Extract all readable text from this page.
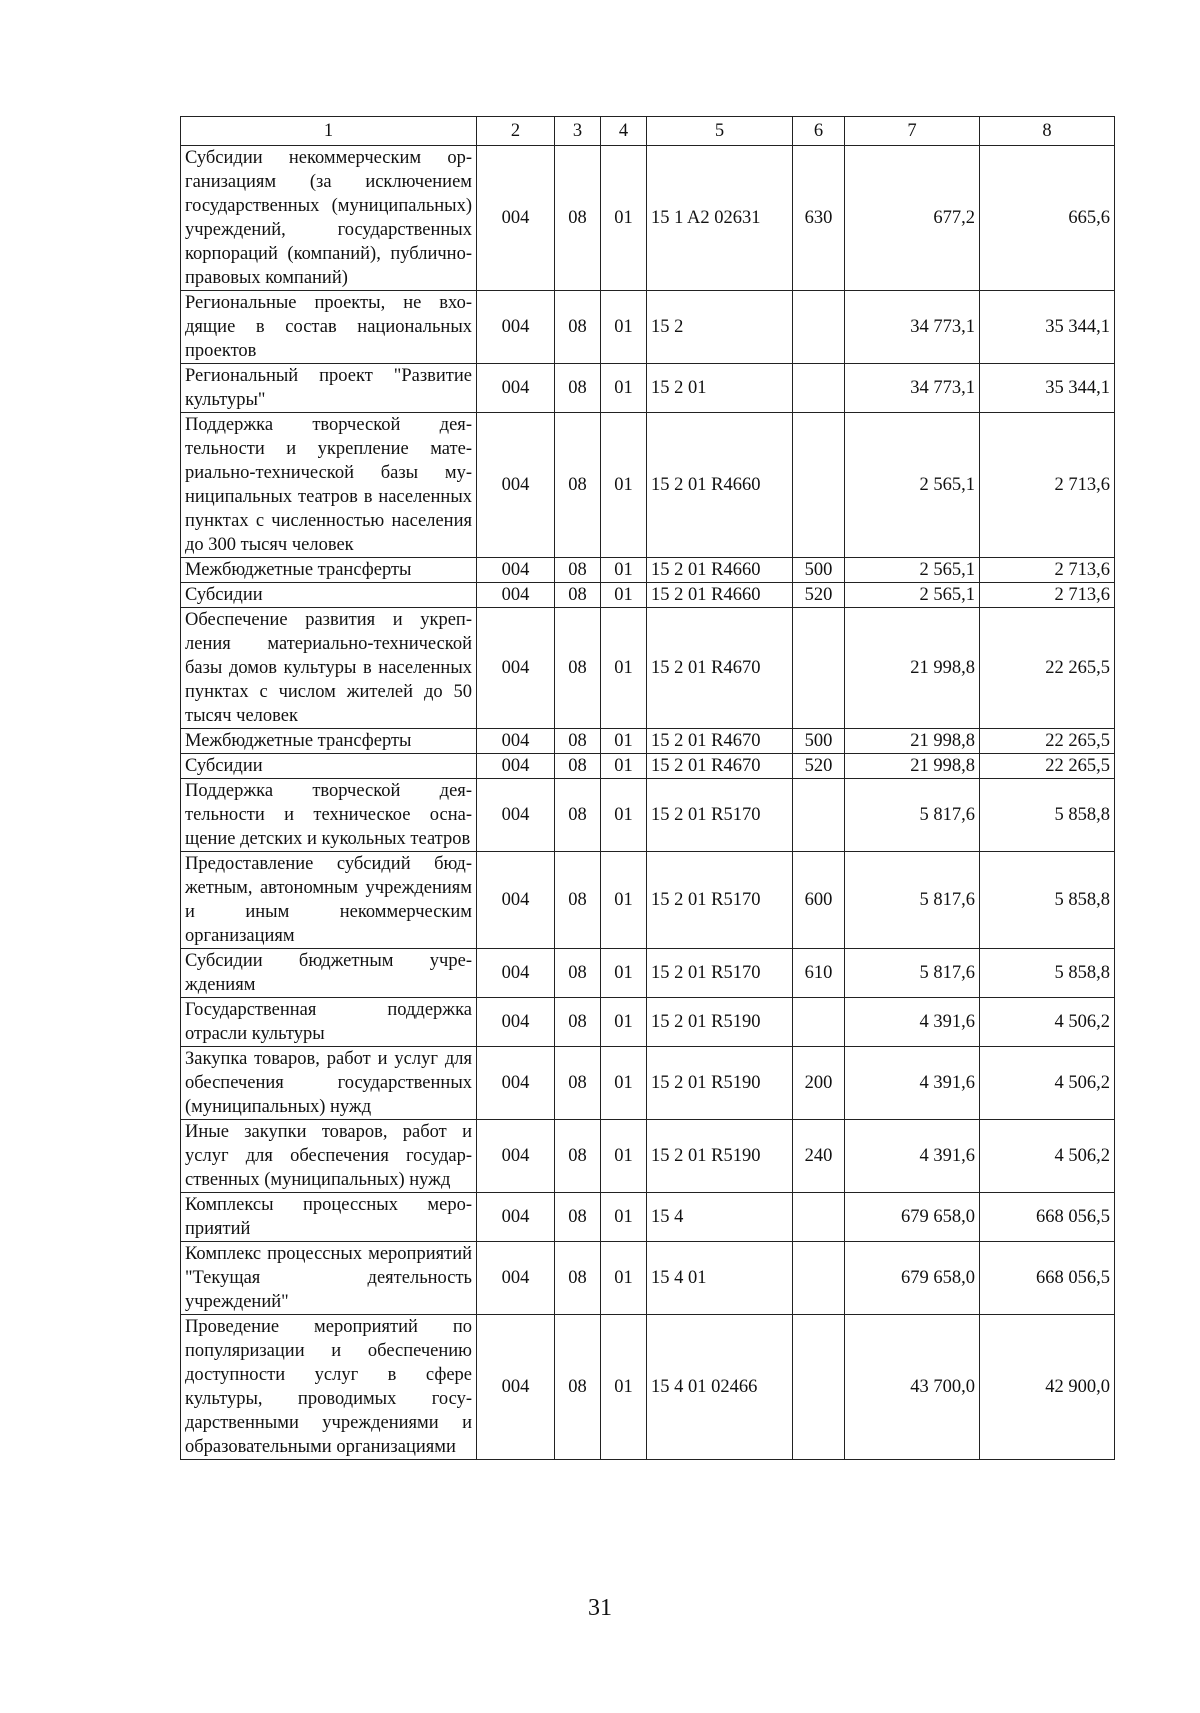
1	2	3	4	5	6	7	8
Субсидии некоммерческим организациям (за исключением государственных (муниципальных) учреждений, государственных корпораций (компаний), публично-правовых компаний)	004	08	01	15 1 A2 02631	630	677,2	665,6
Региональные проекты, не входящие в состав национальных проектов	004	08	01	15 2		34 773,1	35 344,1
Региональный проект "Развитие культуры"	004	08	01	15 2 01		34 773,1	35 344,1
Поддержка творческой деятельности и укрепление материально-технической базы муниципальных театров в населенных пунктах с численностью населения до 300 тысяч человек	004	08	01	15 2 01 R4660		2 565,1	2 713,6
Межбюджетные трансферты	004	08	01	15 2 01 R4660	500	2 565,1	2 713,6
Субсидии	004	08	01	15 2 01 R4660	520	2 565,1	2 713,6
Обеспечение развития и укрепления материально-технической базы домов культуры в населенных пунктах с числом жителей до 50 тысяч человек	004	08	01	15 2 01 R4670		21 998,8	22 265,5
Межбюджетные трансферты	004	08	01	15 2 01 R4670	500	21 998,8	22 265,5
Субсидии	004	08	01	15 2 01 R4670	520	21 998,8	22 265,5
Поддержка творческой деятельности и техническое оснащение детских и кукольных театров	004	08	01	15 2 01 R5170		5 817,6	5 858,8
Предоставление субсидий бюджетным, автономным учреждениям и иным некоммерческим организациям	004	08	01	15 2 01 R5170	600	5 817,6	5 858,8
Субсидии бюджетным учреждениям	004	08	01	15 2 01 R5170	610	5 817,6	5 858,8
Государственная поддержка отрасли культуры	004	08	01	15 2 01 R5190		4 391,6	4 506,2
Закупка товаров, работ и услуг для обеспечения государственных (муниципальных) нужд	004	08	01	15 2 01 R5190	200	4 391,6	4 506,2
Иные закупки товаров, работ и услуг для обеспечения государственных (муниципальных) нужд	004	08	01	15 2 01 R5190	240	4 391,6	4 506,2
Комплексы процессных мероприятий	004	08	01	15 4		679 658,0	668 056,5
Комплекс процессных мероприятий "Текущая деятельность учреждений"	004	08	01	15 4 01		679 658,0	668 056,5
Проведение мероприятий по популяризации и обеспечению доступности услуг в сфере культуры, проводимых государственными учреждениями и образовательными организациями	004	08	01	15 4 01 02466		43 700,0	42 900,0
31
